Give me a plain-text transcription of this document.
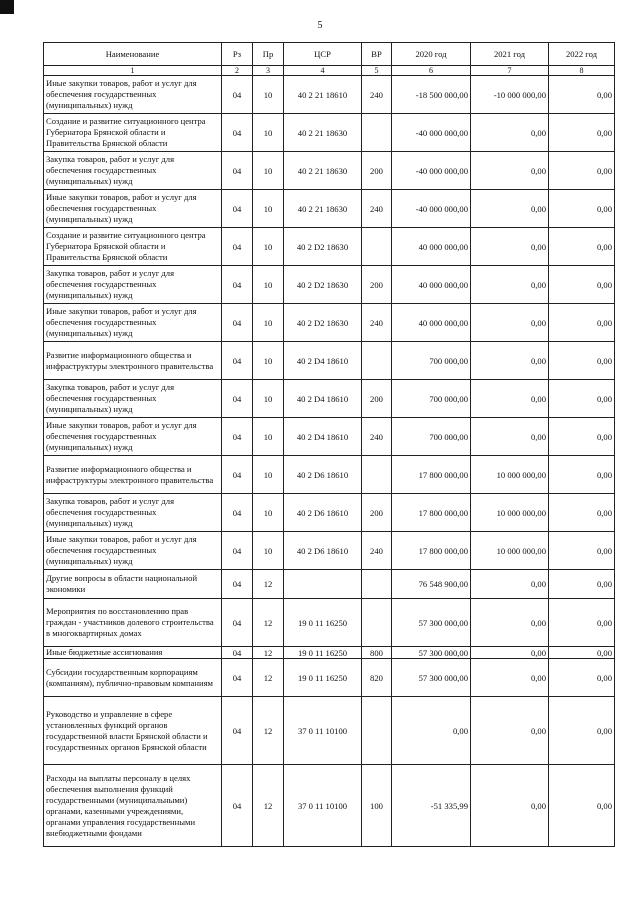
5
Наименование	Рз	Пр	ЦСР	ВР	2020 год	2021 год	2022 год
1	2	3	4	5	6	7	8
Иные закупки товаров, работ и услуг для обеспечения государственных (муниципальных) нужд	04	10	40 2 21 18610	240	-18 500 000,00	-10 000 000,00	0,00
Создание и развитие ситуационного центра Губернатора Брянской области и Правительства Брянской области	04	10	40 2 21 18630		-40 000 000,00	0,00	0,00
Закупка товаров, работ и услуг для обеспечения государственных (муниципальных) нужд	04	10	40 2 21 18630	200	-40 000 000,00	0,00	0,00
Иные закупки товаров, работ и услуг для обеспечения государственных (муниципальных) нужд	04	10	40 2 21 18630	240	-40 000 000,00	0,00	0,00
Создание и развитие ситуационного центра Губернатора Брянской области и Правительства Брянской области	04	10	40 2 D2 18630		40 000 000,00	0,00	0,00
Закупка товаров, работ и услуг для обеспечения государственных (муниципальных) нужд	04	10	40 2 D2 18630	200	40 000 000,00	0,00	0,00
Иные закупки товаров, работ и услуг для обеспечения государственных (муниципальных) нужд	04	10	40 2 D2 18630	240	40 000 000,00	0,00	0,00
Развитие информационного общества и инфраструктуры электронного правительства	04	10	40 2 D4 18610		700 000,00	0,00	0,00
Закупка товаров, работ и услуг для обеспечения государственных (муниципальных) нужд	04	10	40 2 D4 18610	200	700 000,00	0,00	0,00
Иные закупки товаров, работ и услуг для обеспечения государственных (муниципальных) нужд	04	10	40 2 D4 18610	240	700 000,00	0,00	0,00
Развитие информационного общества и инфраструктуры электронного правительства	04	10	40 2 D6 18610		17 800 000,00	10 000 000,00	0,00
Закупка товаров, работ и услуг для обеспечения государственных (муниципальных) нужд	04	10	40 2 D6 18610	200	17 800 000,00	10 000 000,00	0,00
Иные закупки товаров, работ и услуг для обеспечения государственных (муниципальных) нужд	04	10	40 2 D6 18610	240	17 800 000,00	10 000 000,00	0,00
Другие вопросы в области национальной экономики	04	12			76 548 900,00	0,00	0,00
Мероприятия по восстановлению прав граждан - участников долевого строительства в многоквартирных домах	04	12	19 0 11 16250		57 300 000,00	0,00	0,00
Иные бюджетные ассигнования	04	12	19 0 11 16250	800	57 300 000,00	0,00	0,00
Субсидии государственным корпорациям (компаниям), публично-правовым компаниям	04	12	19 0 11 16250	820	57 300 000,00	0,00	0,00
Руководство и управление в сфере установленных функций органов государственной власти Брянской области и государственных органов Брянской области	04	12	37 0 11 10100		0,00	0,00	0,00
Расходы на выплаты персоналу в целях обеспечения выполнения функций государственными (муниципальными) органами, казенными учреждениями, органами управления государственными внебюджетными фондами	04	12	37 0 11 10100	100	-51 335,99	0,00	0,00
